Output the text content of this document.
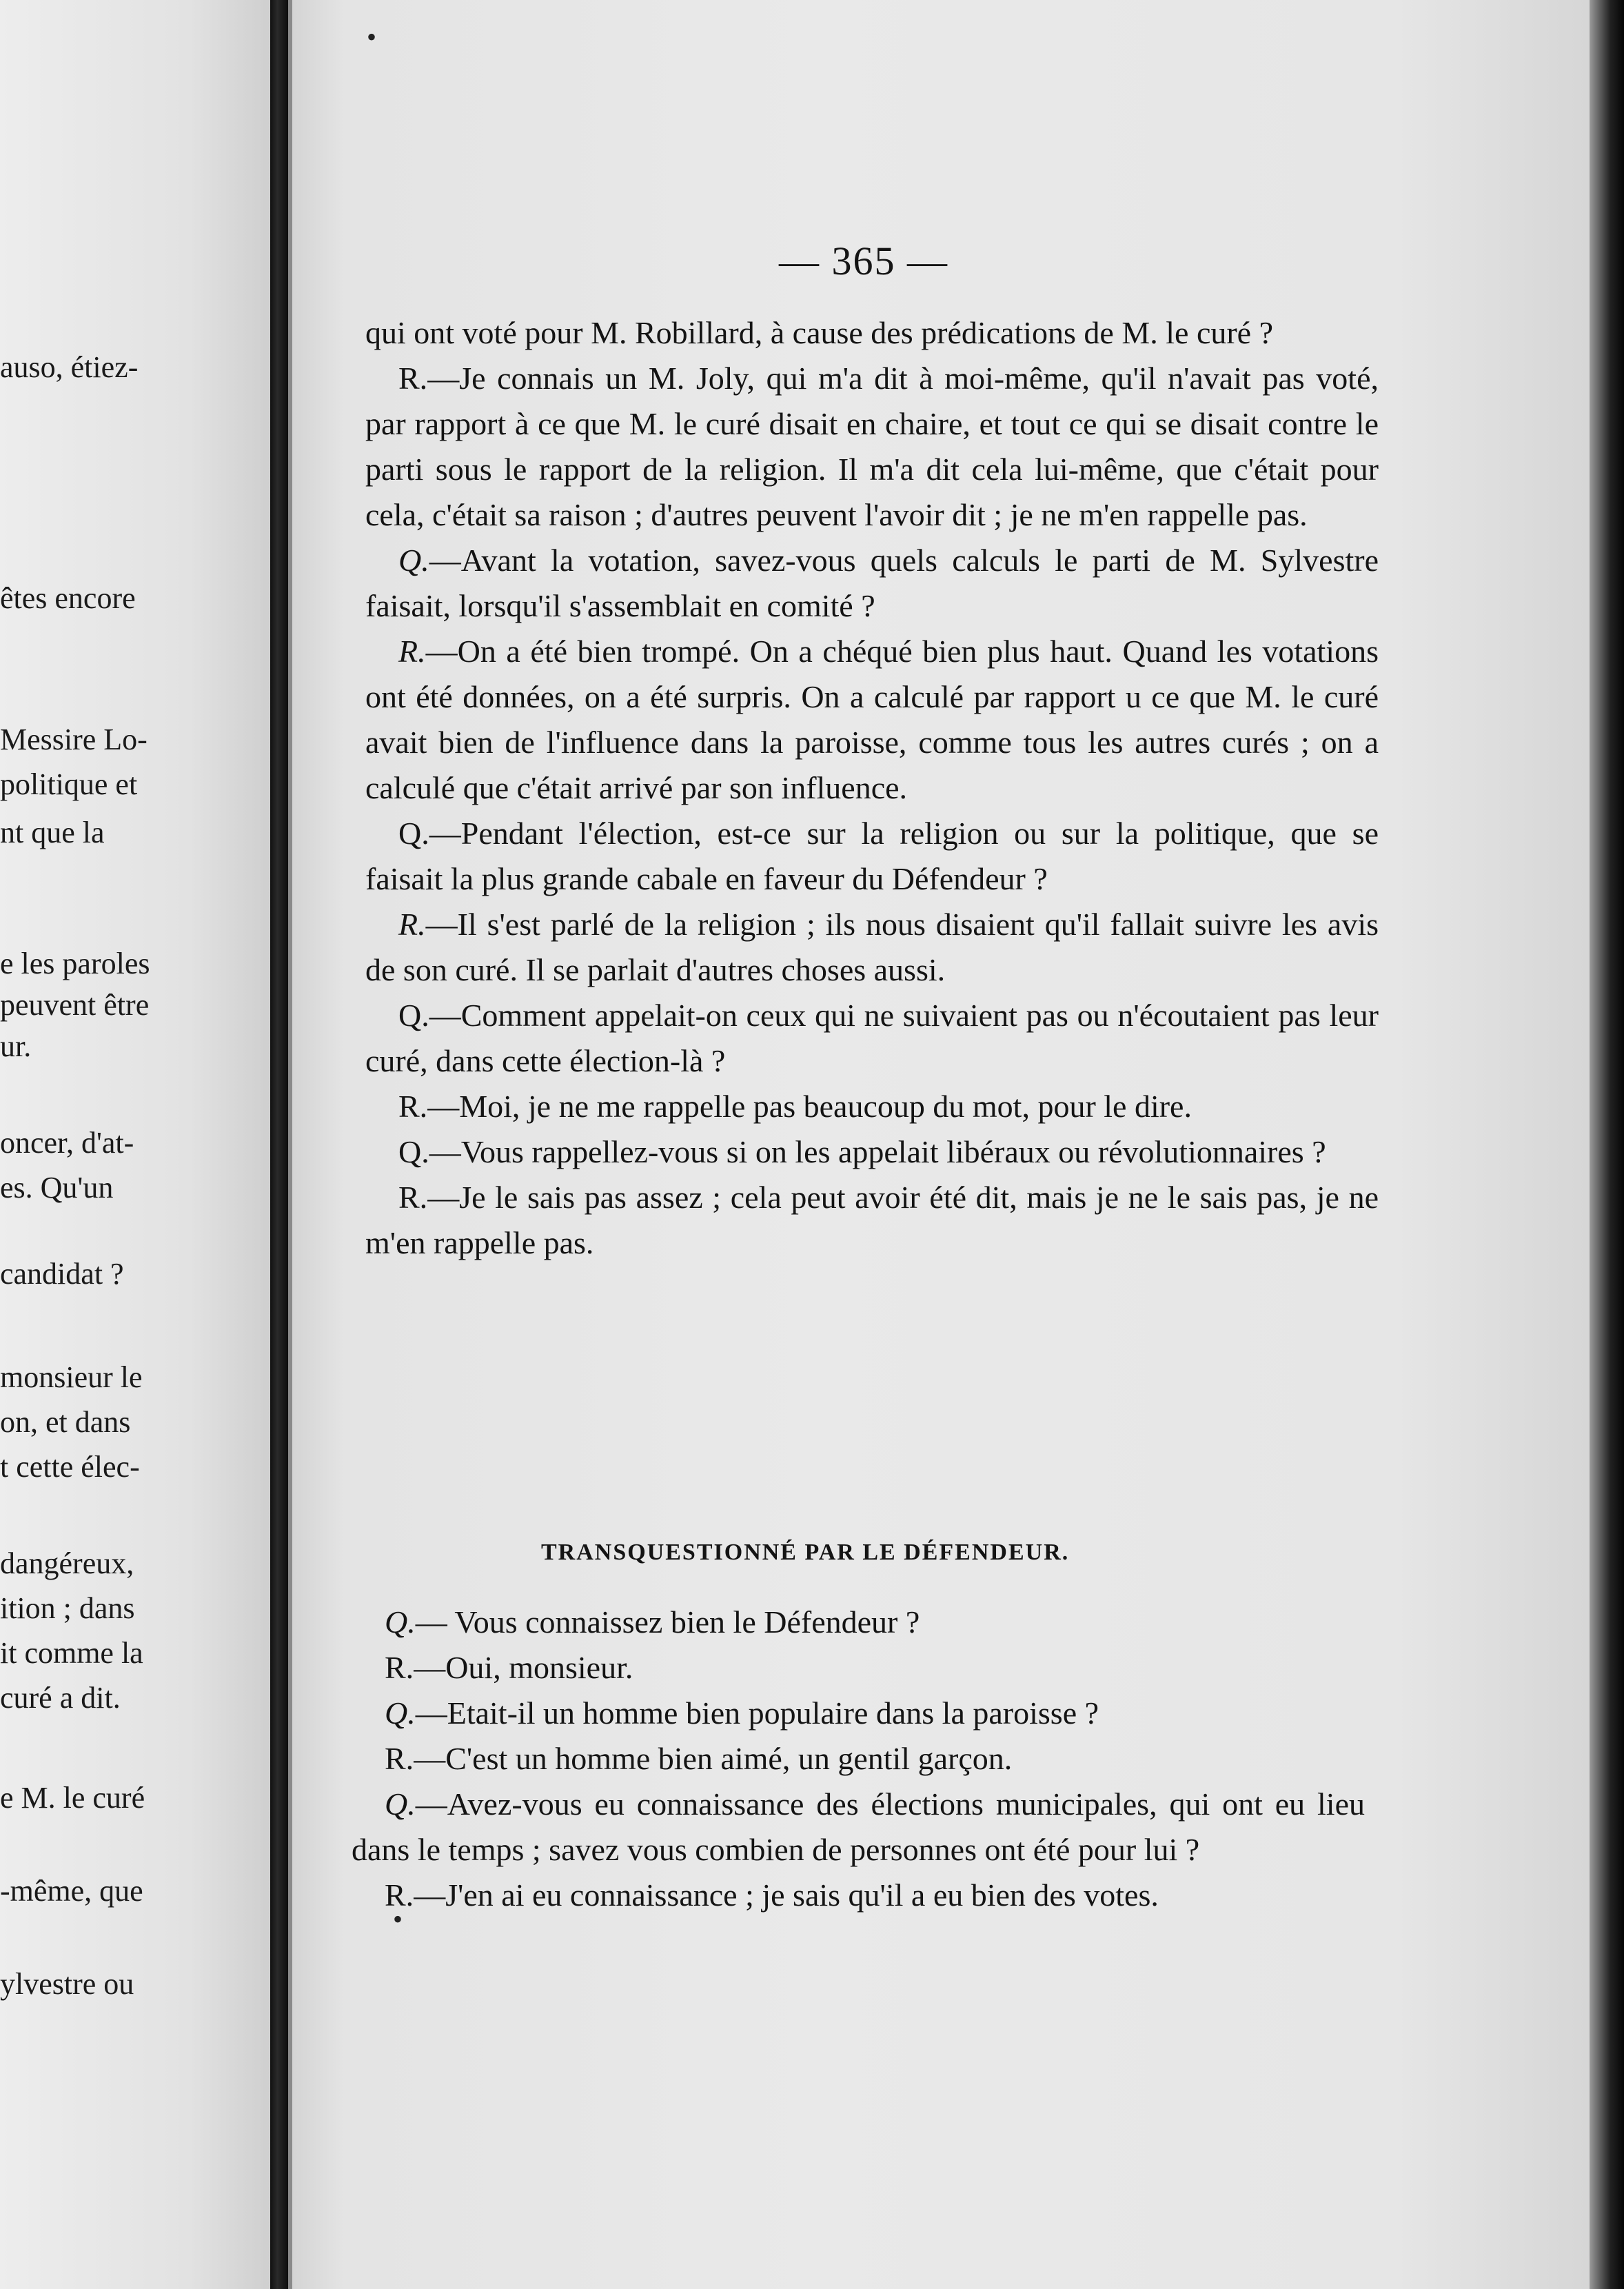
auso, étiez-
êtes encore
Messire Lo-
politique et
nt que la
e les paroles
peuvent être
ur.
oncer, d'at-
es. Qu'un
candidat ?
monsieur le
on, et dans
t cette élec-
dangéreux,
ition ; dans
it comme la
curé a dit.
e M. le curé
-même, que
ylvestre ou
•
•
— 365 —

qui ont voté pour M. Robillard, à cause des prédications de M. le curé ?

R.—Je connais un M. Joly, qui m'a dit à moi-même, qu'il n'avait pas voté, par rapport à ce que M. le curé disait en chaire, et tout ce qui se disait contre le parti sous le rapport de la religion. Il m'a dit cela lui-même, que c'était pour cela, c'était sa raison ; d'autres peuvent l'avoir dit ; je ne m'en rappelle pas.

Q.—Avant la votation, savez-vous quels calculs le parti de M. Sylvestre faisait, lorsqu'il s'assemblait en comité ?

R.—On a été bien trompé. On a chéqué bien plus haut. Quand les votations ont été données, on a été surpris. On a calculé par rapport u ce que M. le curé avait bien de l'influence dans la paroisse, comme tous les autres curés ; on a calculé que c'était arrivé par son influence.

Q.—Pendant l'élection, est-ce sur la religion ou sur la politique, que se faisait la plus grande cabale en faveur du Défendeur ?

R.—Il s'est parlé de la religion ; ils nous disaient qu'il fallait suivre les avis de son curé. Il se parlait d'autres choses aussi.

Q.—Comment appelait-on ceux qui ne suivaient pas ou n'écoutaient pas leur curé, dans cette élection-là ?

R.—Moi, je ne me rappelle pas beaucoup du mot, pour le dire.

Q.—Vous rappellez-vous si on les appelait libéraux ou révolutionnaires ?

R.—Je le sais pas assez ; cela peut avoir été dit, mais je ne le sais pas, je ne m'en rappelle pas.

TRANSQUESTIONNÉ PAR LE DÉFENDEUR.

Q.— Vous connaissez bien le Défendeur ?

R.—Oui, monsieur.

Q.—Etait-il un homme bien populaire dans la paroisse ?

R.—C'est un homme bien aimé, un gentil garçon.

Q.—Avez-vous eu connaissance des élections municipales, qui ont eu lieu dans le temps ; savez vous combien de personnes ont été pour lui ?

R.—J'en ai eu connaissance ; je sais qu'il a eu bien des votes.
